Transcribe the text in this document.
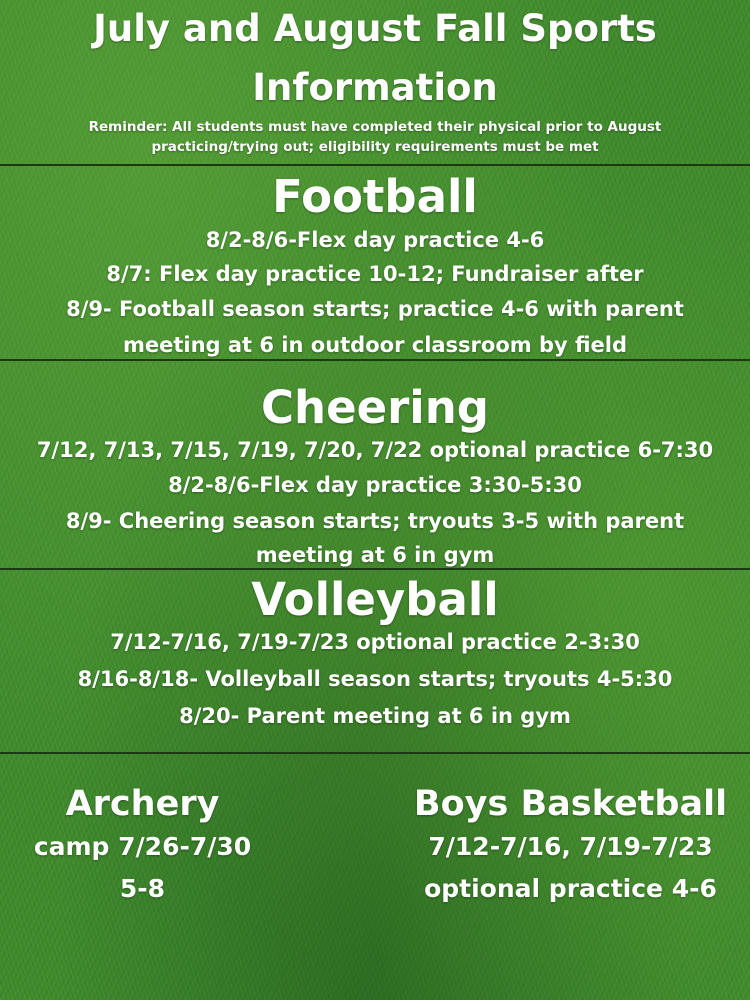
July and August Fall Sports
Information
Reminder: All students must have completed their physical prior to August
practicing/trying out; eligibility requirements must be met
Football
8/2-8/6-Flex day practice 4-6
8/7: Flex day practice 10-12; Fundraiser after
8/9- Football season starts; practice 4-6 with parent
meeting at 6 in outdoor classroom by field
Cheering
7/12, 7/13, 7/15, 7/19, 7/20, 7/22 optional practice 6-7:30
8/2-8/6-Flex day practice 3:30-5:30
8/9- Cheering season starts; tryouts 3-5 with parent
meeting at 6 in gym
Volleyball
7/12-7/16, 7/19-7/23 optional practice 2-3:30
8/16-8/18- Volleyball season starts; tryouts 4-5:30
8/20- Parent meeting at 6 in gym
Archery
camp 7/26-7/30
5-8
Boys Basketball
7/12-7/16, 7/19-7/23
optional practice 4-6
